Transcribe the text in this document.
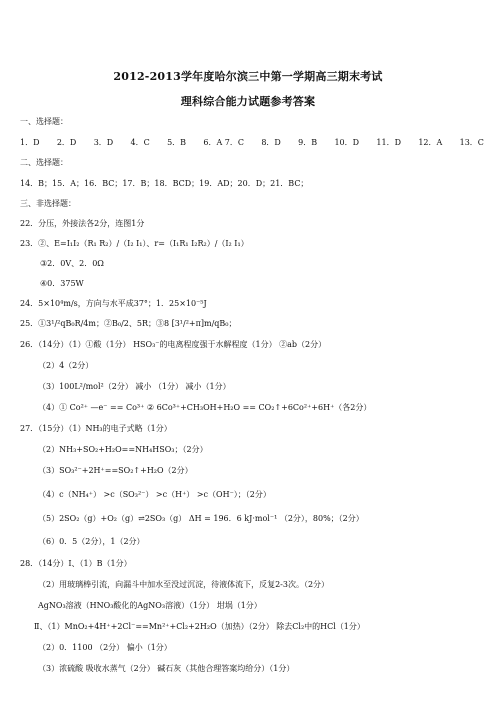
2012-2013学年度哈尔滨三中第一学期高三期末考试
理科综合能力试题参考答案
一、选择题：
1．D 2．D 3．D 4．C 5．B 6．A 7．C 8．D 9．B 10．D 11．D 12．A 13．C
二、选择题：
14．B；15．A；16．BC；17．B；18．BCD；19．AD；20．D；21．BC；
三、非选择题：
22．分压，外接法各2分，连图1分
23．②、E=I₁I₂（R₁ R₂）/（I₂ I₁）、r=（I₁R₁ I₂R₂）/（I₂ I₁）
③2．0V、2．0Ω
④0．375W
24．5×10⁴m/s，方向与水平成37°；1．25×10⁻⁵J
25．①3¹/²qB₀R/4m；②B₀/2、5R；③8 [3¹/²+π]m/qB₀；
26．（14分）（1）①酸（1分） HSO₃⁻的电离程度强于水解程度（1分） ②ab（2分）
（2）4（2分）
（3）100L²/mol²（2分） 减小 （1分） 减小（1分）
（4）① Co²⁺ —e⁻ == Co³⁺ ② 6Co³⁺+CH₃OH+H₂O == CO₂↑+6Co²⁺+6H⁺（各2分）
27．（15分）（1）NH₃的电子式略（1分）
（2）NH₃+SO₂+H₂O==NH₄HSO₃；（2分）
（3）SO₃²⁻+2H⁺==SO₂↑+H₂O（2分）
（4）c（NH₄⁺） >c（SO₃²⁻） >c（H⁺） >c（OH⁻）；（2分）
（5）2SO₂（g）+O₂（g）⇌2SO₃（g） ΔH = 196．6 kJ·mol⁻¹ （2分），80%；（2分）
（6）0．5（2分），1（2分）
28．（14分）Ⅰ、（1）B（1分）
（2）用玻璃棒引流，向漏斗中加水至没过沉淀，待液体流下，反复2-3次。（2分）
AgNO₃溶液（HNO₃酸化的AgNO₃溶液）（1分） 坩埚（1分）
Ⅱ、（1）MnO₂+4H⁺+2Cl⁻==Mn²⁺+Cl₂+2H₂O（加热）（2分） 除去Cl₂中的HCl（1分）
（2）0．1100 （2分） 偏小（1分）
（3）浓硫酸 吸收水蒸气（2分） 碱石灰（其他合理答案均给分）（1分）
